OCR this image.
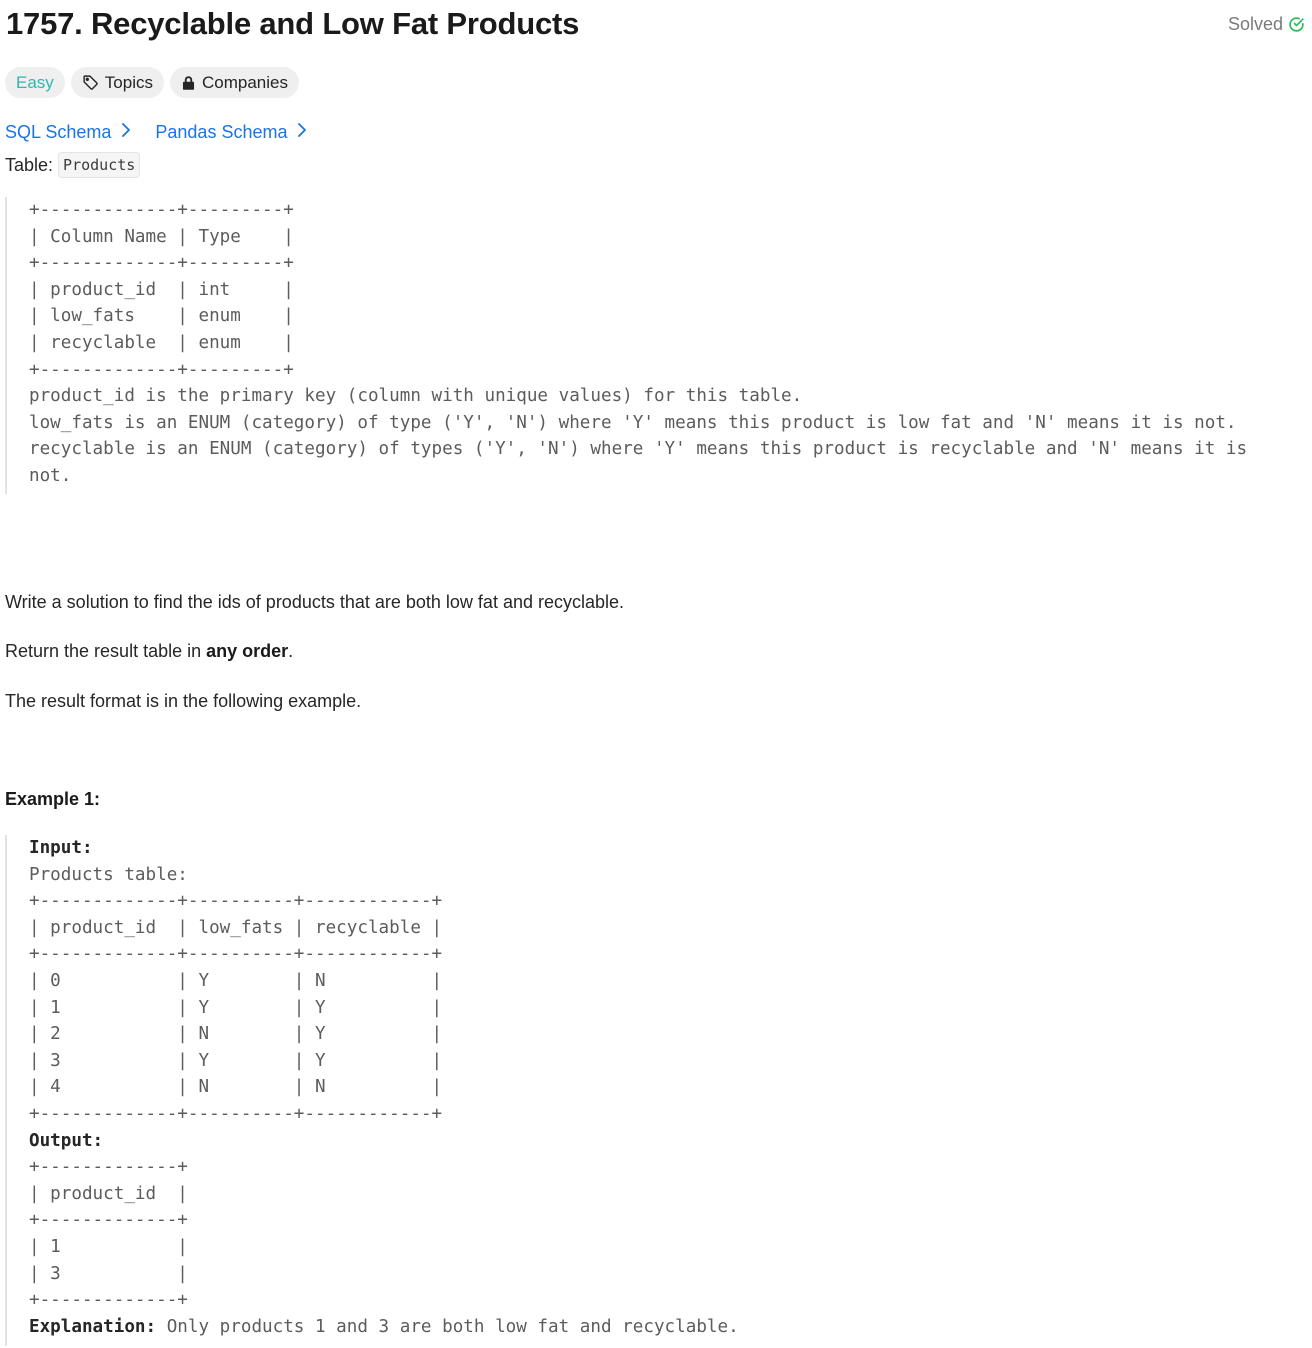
1757. Recyclable and Low Fat Products	Solved
Easy	Topics	Companies
SQL Schema Pandas Schema
Table: Products
+-------------+---------+
| Column Name | Type    |
+-------------+---------+
| product_id  | int     |
| low_fats    | enum    |
| recyclable  | enum    |
+-------------+---------+
product_id is the primary key (column with unique values) for this table.
low_fats is an ENUM (category) of type ('Y', 'N') where 'Y' means this product is low fat and 'N' means it is not.
recyclable is an ENUM (category) of types ('Y', 'N') where 'Y' means this product is recyclable and 'N' means it is not.

Write a solution to find the ids of products that are both low fat and recyclable.

Return the result table in any order.

The result format is in the following example.

Example 1:

Input:
Products table:
+-------------+----------+------------+
| product_id  | low_fats | recyclable |
+-------------+----------+------------+
| 0           | Y        | N          |
| 1           | Y        | Y          |
| 2           | N        | Y          |
| 3           | Y        | Y          |
| 4           | N        | N          |
+-------------+----------+------------+
Output:
+-------------+
| product_id  |
+-------------+
| 1           |
| 3           |
+-------------+
Explanation: Only products 1 and 3 are both low fat and recyclable.
